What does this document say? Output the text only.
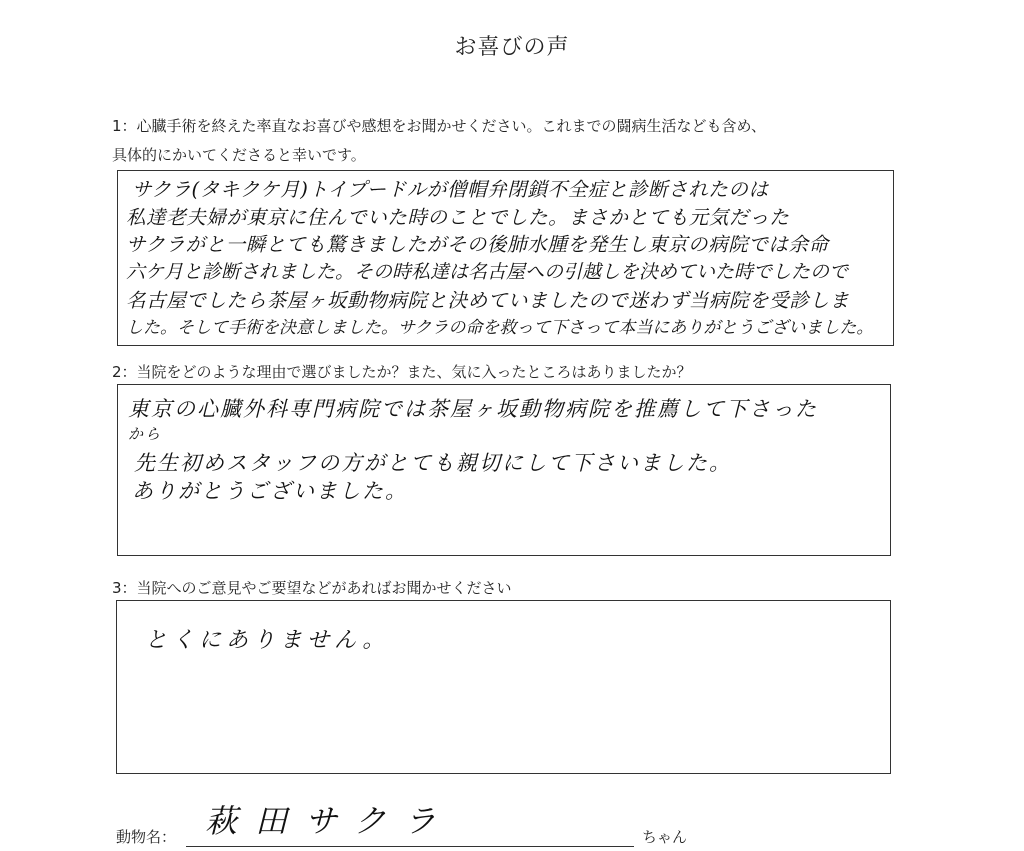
お喜びの声
1：心臓手術を終えた率直なお喜びや感想をお聞かせください。これまでの闘病生活なども含め、
具体的にかいてくださると幸いです。
サクラ(タキクケ月)トイプードルが僧帽弁閉鎖不全症と診断されたのは
私達老夫婦が東京に住んでいた時のことでした。まさかとても元気だった
サクラがと一瞬とても驚きましたがその後肺水腫を発生し東京の病院では余命
六ケ月と診断されました。その時私達は名古屋への引越しを決めていた時でしたので
名古屋でしたら茶屋ヶ坂動物病院と決めていましたので迷わず当病院を受診しま
した。そして手術を決意しました。サクラの命を救って下さって本当にありがとうございました。
2：当院をどのような理由で選びましたか？また、気に入ったところはありましたか？
東京の心臓外科専門病院では茶屋ヶ坂動物病院を推薦して下さった
から
先生初めスタッフの方がとても親切にして下さいました。
ありがとうございました。
3：当院へのご意見やご要望などがあればお聞かせください
とくにありません。
動物名： 萩田サクラ	ちゃん
